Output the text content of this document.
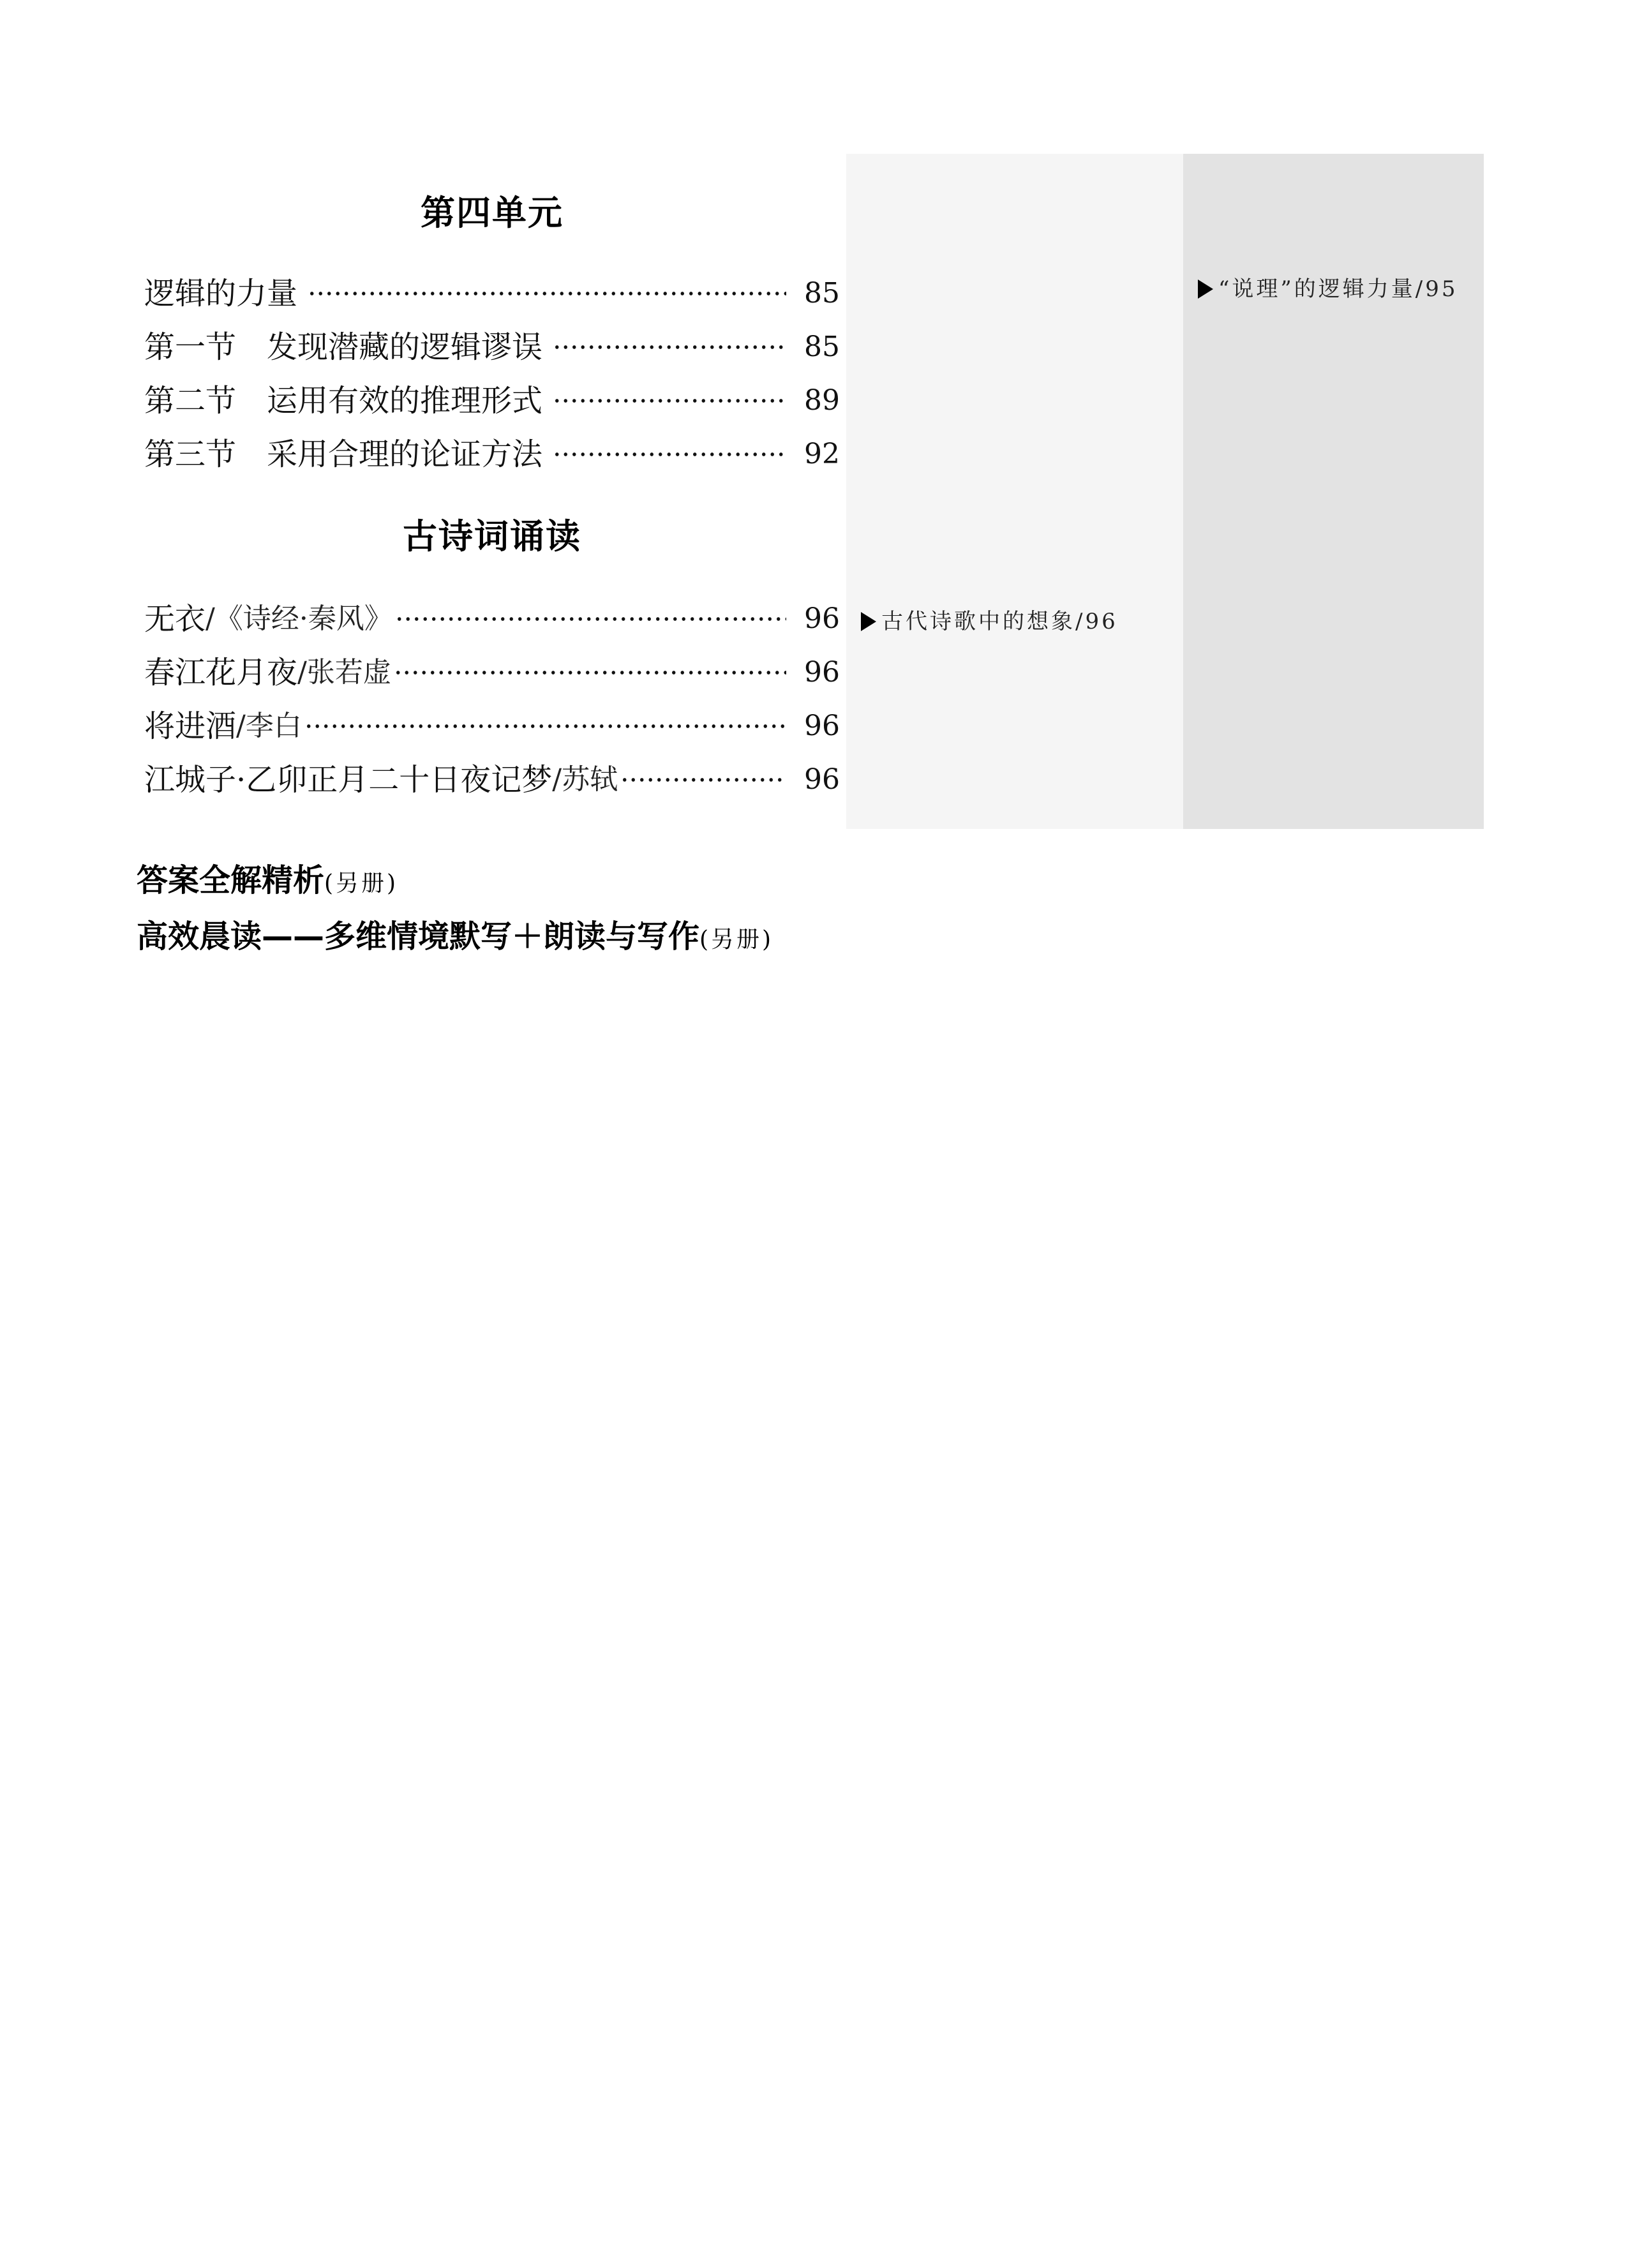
第四单元
逻辑的力量	85
第一节 发现潜藏的逻辑谬误	85
第二节 运用有效的推理形式	89
第三节 采用合理的论证方法	92
古诗词诵读
无衣 /《诗经·秦风》	96
春江花月夜 /张若虚	96
将进酒 /李白	96
江城子·乙卯正月二十日夜记梦 /苏轼	96
古代诗歌中的想象/96
“说理”的逻辑力量/95
答案全解精析(另册)
高效晨读——多维情境默写＋朗读与写作(另册)
